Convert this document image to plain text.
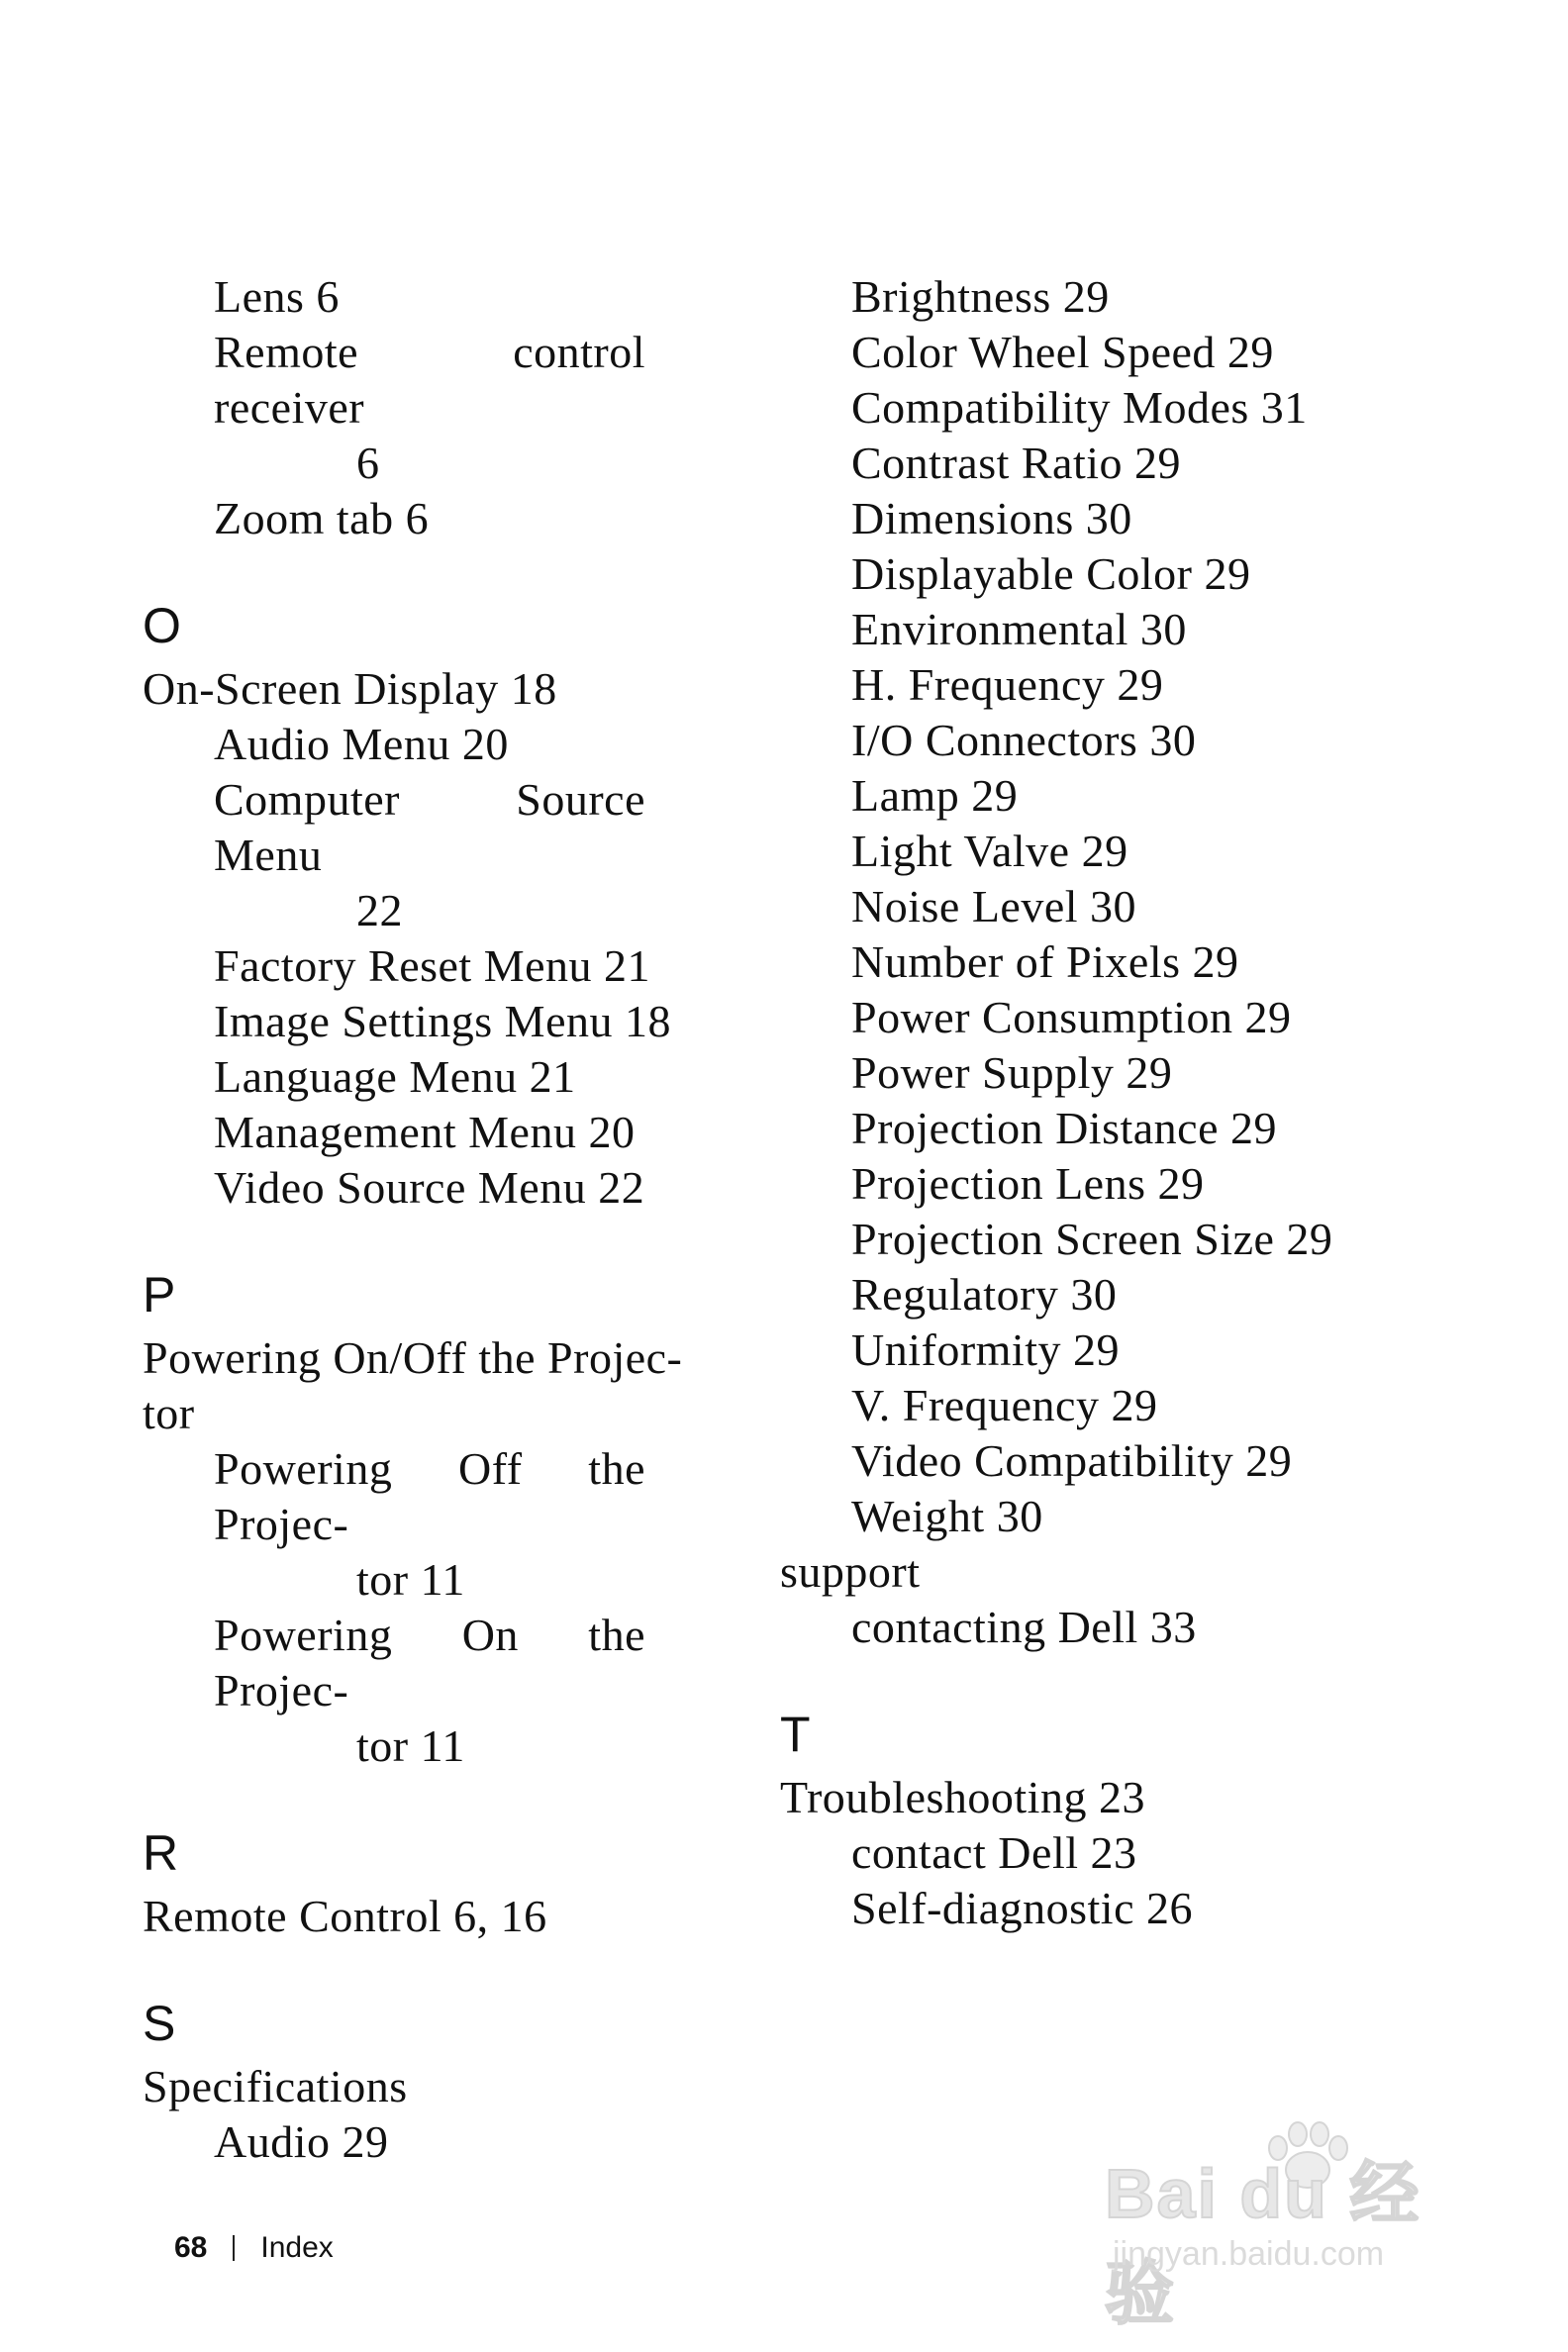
Lens 6
Remote control receiver
6
Zoom tab 6
O
On-Screen Display 18
Audio Menu 20
Computer Source Menu
22
Factory Reset Menu 21
Image Settings Menu 18
Language Menu 21
Management Menu 20
Video Source Menu 22
P
Powering On/Off the Projec-
tor
Powering Off the Projec-
tor 11
Powering On the Projec-
tor 11
R
Remote Control 6, 16
S
Specifications
Audio 29
Brightness 29
Color Wheel Speed 29
Compatibility Modes 31
Contrast Ratio 29
Dimensions 30
Displayable Color 29
Environmental 30
H. Frequency 29
I/O Connectors 30
Lamp 29
Light Valve 29
Noise Level 30
Number of Pixels 29
Power Consumption 29
Power Supply 29
Projection Distance 29
Projection Lens 29
Projection Screen Size 29
Regulatory 30
Uniformity 29
V. Frequency 29
Video Compatibility 29
Weight 30
support
contacting Dell 33
T
Troubleshooting 23
contact Dell 23
Self-diagnostic 26
68 Index
Bai du 经验
jingyan.baidu.com
